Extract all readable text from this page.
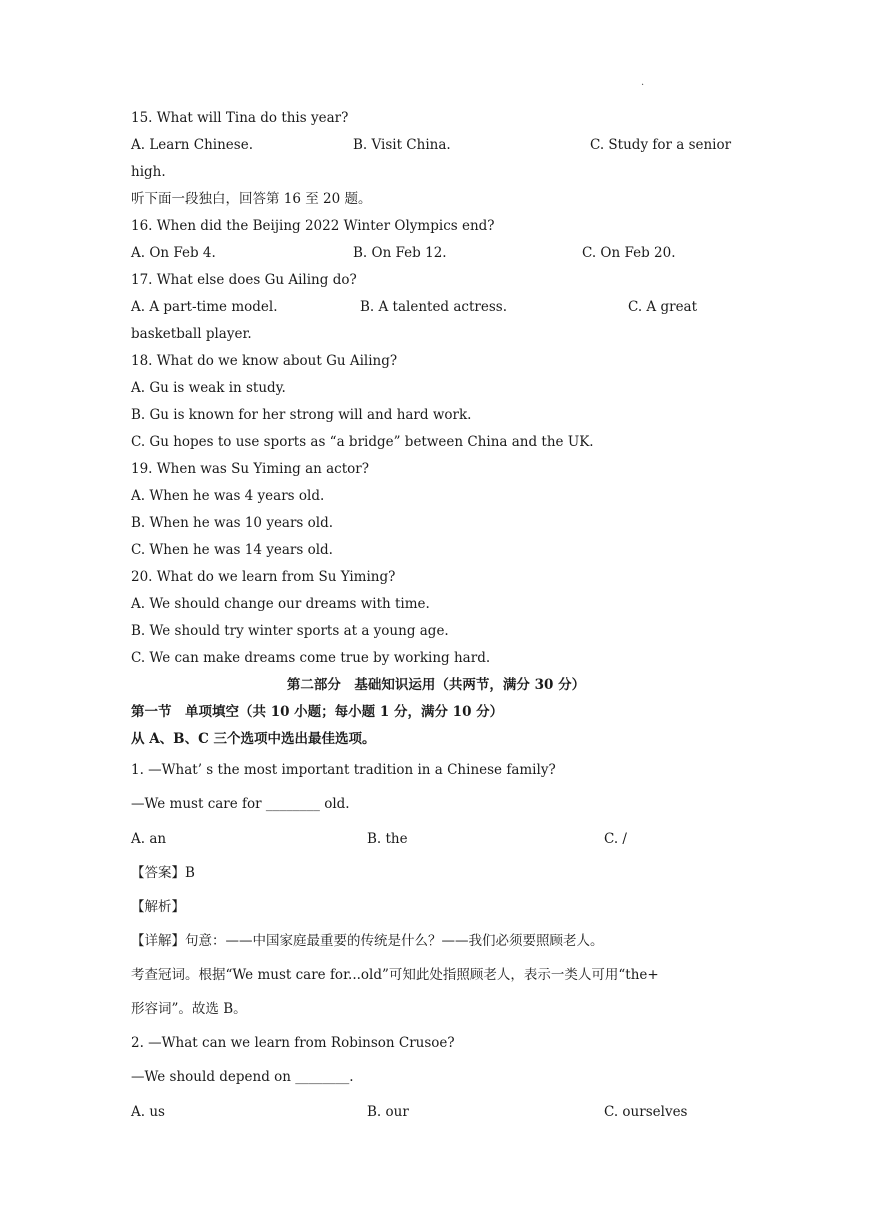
·
15. What will Tina do this year?
A. Learn Chinese.	B. Visit China.	C. Study for a senior
high.
听下面一段独白，回答第 16 至 20 题。
16. When did the Beijing 2022 Winter Olympics end?
A. On Feb 4.	B. On Feb 12.	C. On Feb 20.
17. What else does Gu Ailing do?
A. A part-time model.	B. A talented actress.	C. A great
basketball player.
18. What do we know about Gu Ailing?
A. Gu is weak in study.
B. Gu is known for her strong will and hard work.
C. Gu hopes to use sports as “a bridge” between China and the UK.
19. When was Su Yiming an actor?
A. When he was 4 years old.
B. When he was 10 years old.
C. When he was 14 years old.
20. What do we learn from Su Yiming?
A. We should change our dreams with time.
B. We should try winter sports at a young age.
C. We can make dreams come true by working hard.
第二部分　基础知识运用（共两节，满分 30 分）
第一节　单项填空（共 10 小题；每小题 1 分，满分 10 分）
从 A、B、C 三个选项中选出最佳选项。
1. —What’ s the most important tradition in a Chinese family?
—We must care for ________ old.
A. an	B. the	C. /
【答案】B
【解析】
【详解】句意：——中国家庭最重要的传统是什么？——我们必须要照顾老人。
考查冠词。根据“We must care for...old”可知此处指照顾老人，表示一类人可用“the+
形容词”。故选 B。
2. —What can we learn from Robinson Crusoe?
—We should depend on ________.
A. us	B. our	C. ourselves
